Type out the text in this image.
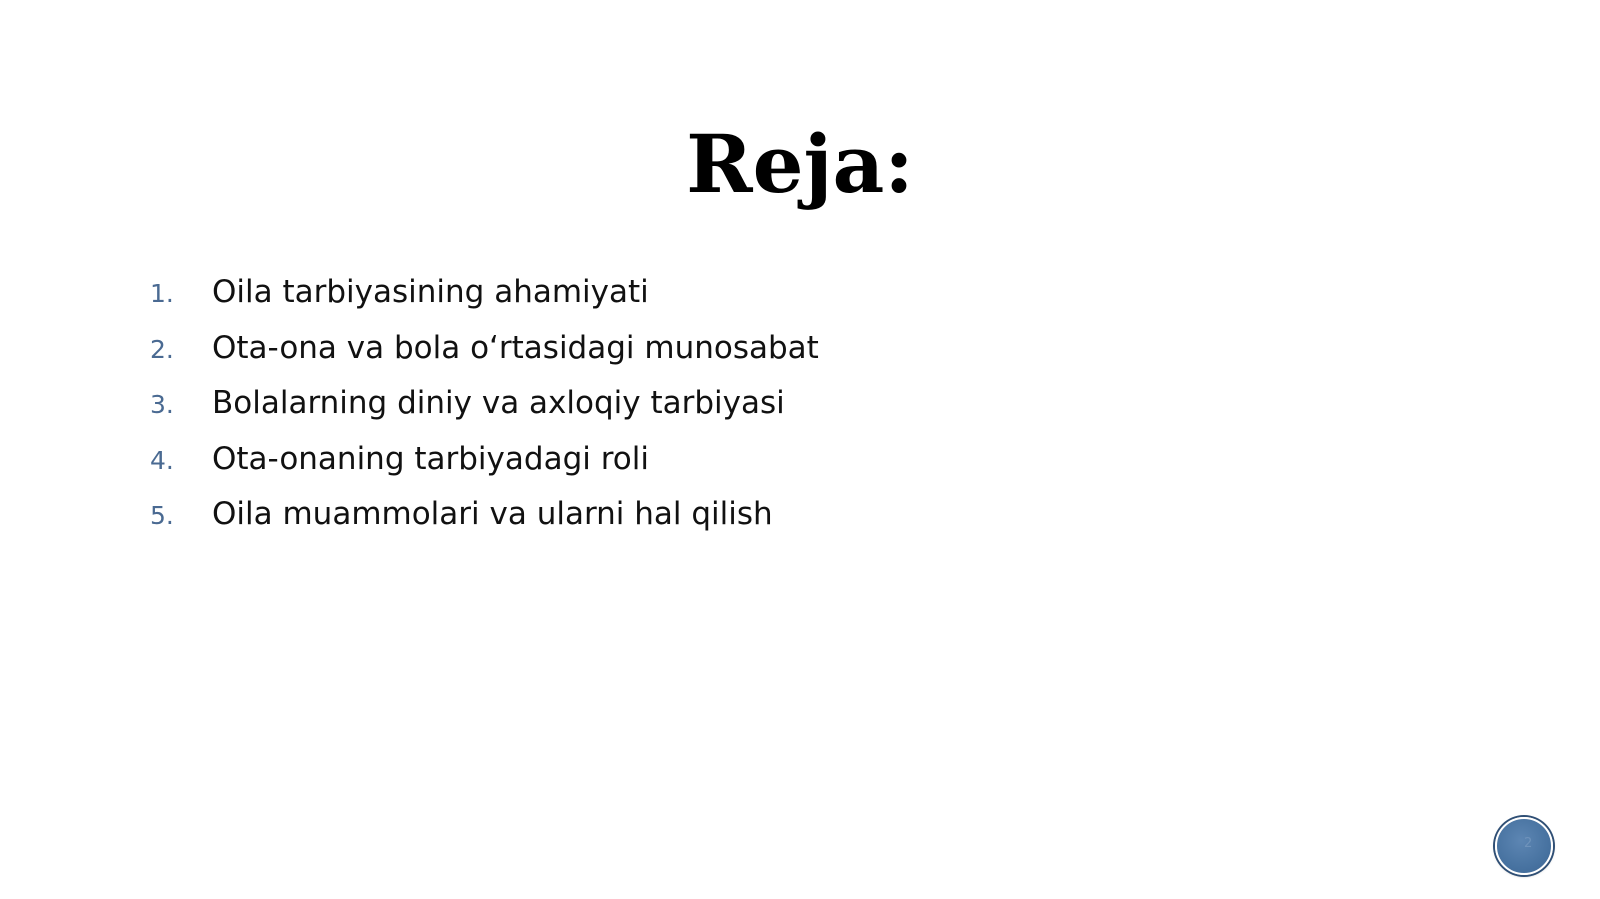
Reja:
1.	Oila tarbiyasining ahamiyati
2.	Ota-ona va bola o‘rtasidagi munosabat
3.	Bolalarning diniy va axloqiy tarbiyasi
4.	Ota-onaning tarbiyadagi roli
5.	Oila muammolari va ularni hal qilish
2
